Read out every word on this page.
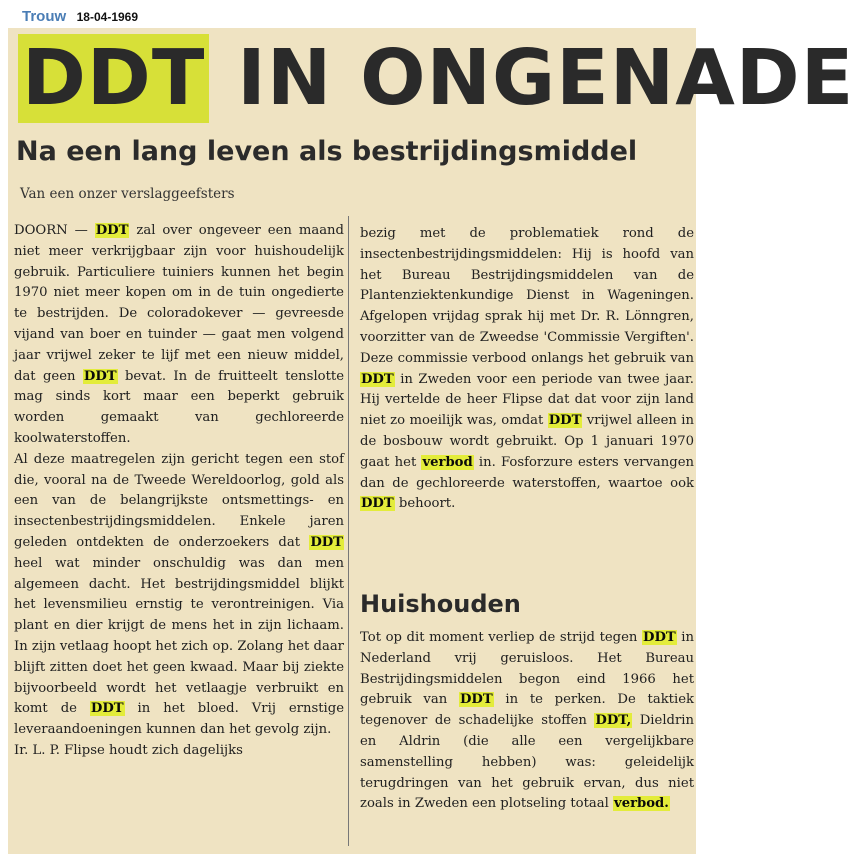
Trouw 18-04-1969
DDT IN ONGENADE
Na een lang leven als bestrijdingsmiddel
Van een onzer verslaggeefsters
DOORN — DDT zal over ongeveer een maand niet meer verkrijgbaar zijn voor huishoudelijk gebruik. Particuliere tuiniers kunnen het begin 1970 niet meer kopen om in de tuin ongedierte te bestrijden. De coloradokever — gevreesde vijand van boer en tuinder — gaat men volgend jaar vrijwel zeker te lijf met een nieuw middel, dat geen DDT bevat. In de fruitteelt tenslotte mag sinds kort maar een beperkt gebruik worden gemaakt van gechloreerde koolwaterstoffen.
Al deze maatregelen zijn gericht tegen een stof die, vooral na de Tweede Wereldoorlog, gold als een van de belangrijkste ontsmettings- en insectenbestrijdingsmiddelen. Enkele jaren geleden ontdekten de onderzoekers dat DDT heel wat minder onschuldig was dan men algemeen dacht. Het bestrijdingsmiddel blijkt het levensmilieu ernstig te verontreinigen. Via plant en dier krijgt de mens het in zijn lichaam. In zijn vetlaag hoopt het zich op. Zolang het daar blijft zitten doet het geen kwaad. Maar bij ziekte bijvoorbeeld wordt het vetlaagje verbruikt en komt de DDT in het bloed. Vrij ernstige leveraandoeningen kunnen dan het gevolg zijn.
Ir. L. P. Flipse houdt zich dagelijks
bezig met de problematiek rond de insectenbestrijdingsmiddelen: Hij is hoofd van het Bureau Bestrijdingsmiddelen van de Plantenziektenkundige Dienst in Wageningen. Afgelopen vrijdag sprak hij met Dr. R. Lönngren, voorzitter van de Zweedse 'Commissie Vergiften'. Deze commissie verbood onlangs het gebruik van DDT in Zweden voor een periode van twee jaar. Hij vertelde de heer Flipse dat dat voor zijn land niet zo moeilijk was, omdat DDT vrijwel alleen in de bosbouw wordt gebruikt. Op 1 januari 1970 gaat het verbod in. Fosforzure esters vervangen dan de gechloreerde waterstoffen, waartoe ook DDT behoort.
Huishouden
Tot op dit moment verliep de strijd tegen DDT in Nederland vrij geruisloos. Het Bureau Bestrijdingsmiddelen begon eind 1966 het gebruik van DDT in te perken. De taktiek tegenover de schadelijke stoffen DDT, Dieldrin en Aldrin (die alle een vergelijkbare samenstelling hebben) was: geleidelijk terugdringen van het gebruik ervan, dus niet zoals in Zweden een plotseling totaal verbod.
